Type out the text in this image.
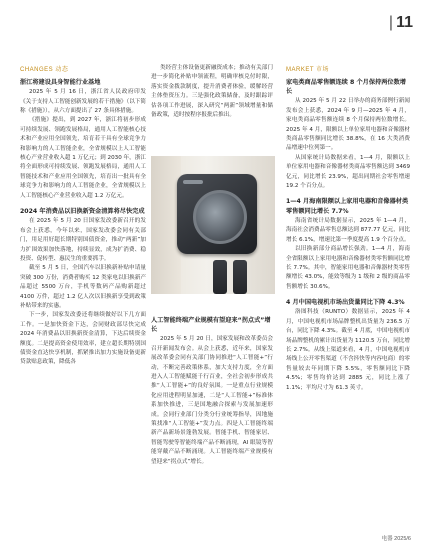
| 11
CHANGES 动态	MARKET 市场
浙江将建设具身智能行业基地

2025 年 5 月 16 日，浙江省人民政府印发《关于支持人工智能创新发展的若干措施》（以下简称《措施》），从六方面提出了 27 条具体措施。

《措施》提出，到 2027 年，浙江将初步形成可持续发展、领跑发展格局，通用人工智能核心技术和产业应用全国领先，培育若干具有全球竞争力和影响力的人工智能企业，全省规模以上人工智能核心产业营业收入超 1 万亿元；到 2030 年，浙江将全面形成可持续发展、领跑发展格局，通用人工智能技术和产业应用全国领先，培育出一批具有全球竞争力和影响力的人工智能企业，全省规模以上人工智能核心产业营业收入超 1.2 万亿元。

2024 年消费品以旧换新资金清算将尽快完成

在 2025 年 5 月 20 日国家发改委新召开的发布会上获悉，今年以来，国家发改委会同有关部门，用足用好超长期特别国债资金，推动“两新”加力扩围效果加快落地，持续显效，成为扩消费、稳投资、促转型、惠民生的重要抓手。

截至 5 月 5 日，全国汽车以旧换新补贴申请量突破 300 万份，消费者购买 12 类家电以旧换新产品超过 5500 万台，手机等数码产品购新超过 4100 万件，超过 1.2 亿人次以旧换新享受到政策补贴带来的实惠。

下一步，国家发改委还将继续做好以下几方面工作。一是加快资金下达，会同财政部尽快完成 2024 年消费品以旧换新资金清算，下达后续资金额度。二是提高资金使用效率，建立超长期特别国债资金直达快享机制，抓紧推出加力实施设备更新贷款贴息政策，降低各

类经营主体设备更新融资成本；推动有关部门进一步简化补贴申领流程，明确审核兑付时限，落实资金拨款制度，提升消费者体验，缓解经营主体垫资压力。三是强化政策储备，及时跟踪评估各项工作进展，深入研究“两新”领域增量和储备政策，适时按程序报批后推出。

人工智能终端产业规模有望迎来“拐点式”增长

2025 年 5 月 20 日，国家发展和改革委员会召开新闻发布会。从会上获悉，近年来，国家发展改革委会同有关部门协同推进“人工智能+”行动，不断完善政策体系，加大支持力度，全方面进入人工智能赋能千行百业，全社会初步形成共推“人工智能+”的良好氛围。一是重点行业规模化应用进程明显加速，二是“人工智能+”标准体系加快推进，三是国地融合探索与发展加速形成。会同行业部门分类分行业统筹指导，因地施策找准“人工智能+”发力点。四是人工智能终端新产品新场景蓬勃发展。智能手机、智能家居、智能驾驶等智能终端产品不断涌现，AI 眼镜等智能穿戴产品不断涌现。人工智能终端产业规模有望迎来“拐点式”增长。

家电类商品零售额连续 8 个月保持两位数增长

从 2025 年 5 月 22 日举办的商务部例行新闻发布会上获悉，2024 年 9 月—2025 年 4 月，家电类商品零售额连续 8 个月保持两位数增长。2025 年 4 月，限额以上单位家用电器和音像器材类商品零售额同比增长 38.8%，在 16 大类消费品增速中位列第一。

从国家统计局数据来看，1—4 月，限额以上单位家用电器和音像器材类商品零售额达到 3469 亿元，同比增长 23.9%，超出同期社会零售增速 19.2 个百分点。

1—4 月海南限额以上家用电器和音像器材类零售额同比增长 7.7%

海南省统计局数据显示，2025 年 1—4 月，海南社会消费品零售总额达到 877.77 亿元，同比增长 6.1%，增速比第一季度提高 1.9 个百分点。

以旧换新部分商品增长强劲。1—4 月，海南全省限额以上家用电器和音像器材类零售额同比增长 7.7%。其中，智能家用电器和音像器材类零售额增长 43.0%，能效等级为 1 级和 2 级的商品零售额增长 30.6%。

4 月中国电视机市场出货量同比下降 4.3%

洛图科技（RUNTO）数据显示，2025 年 4 月，中国电视机市场品牌整机出货量为 236.5 万台，同比下降 4.3%。截至 4 月底，中国电视机市场品牌整机的累计出货量为 1120.5 万台，同比增长 2.7%。从线上渠道来看，4 月，中国电视机市场线上公开零售渠道（不含抖快等内容电商）的零售量较去年同期下降 5.5%，零售额同比下降 4.5%；零售均价达到 2885 元，同比上涨了 1.1%；平均尺寸为 61.3 英寸。

电器 2025/6
